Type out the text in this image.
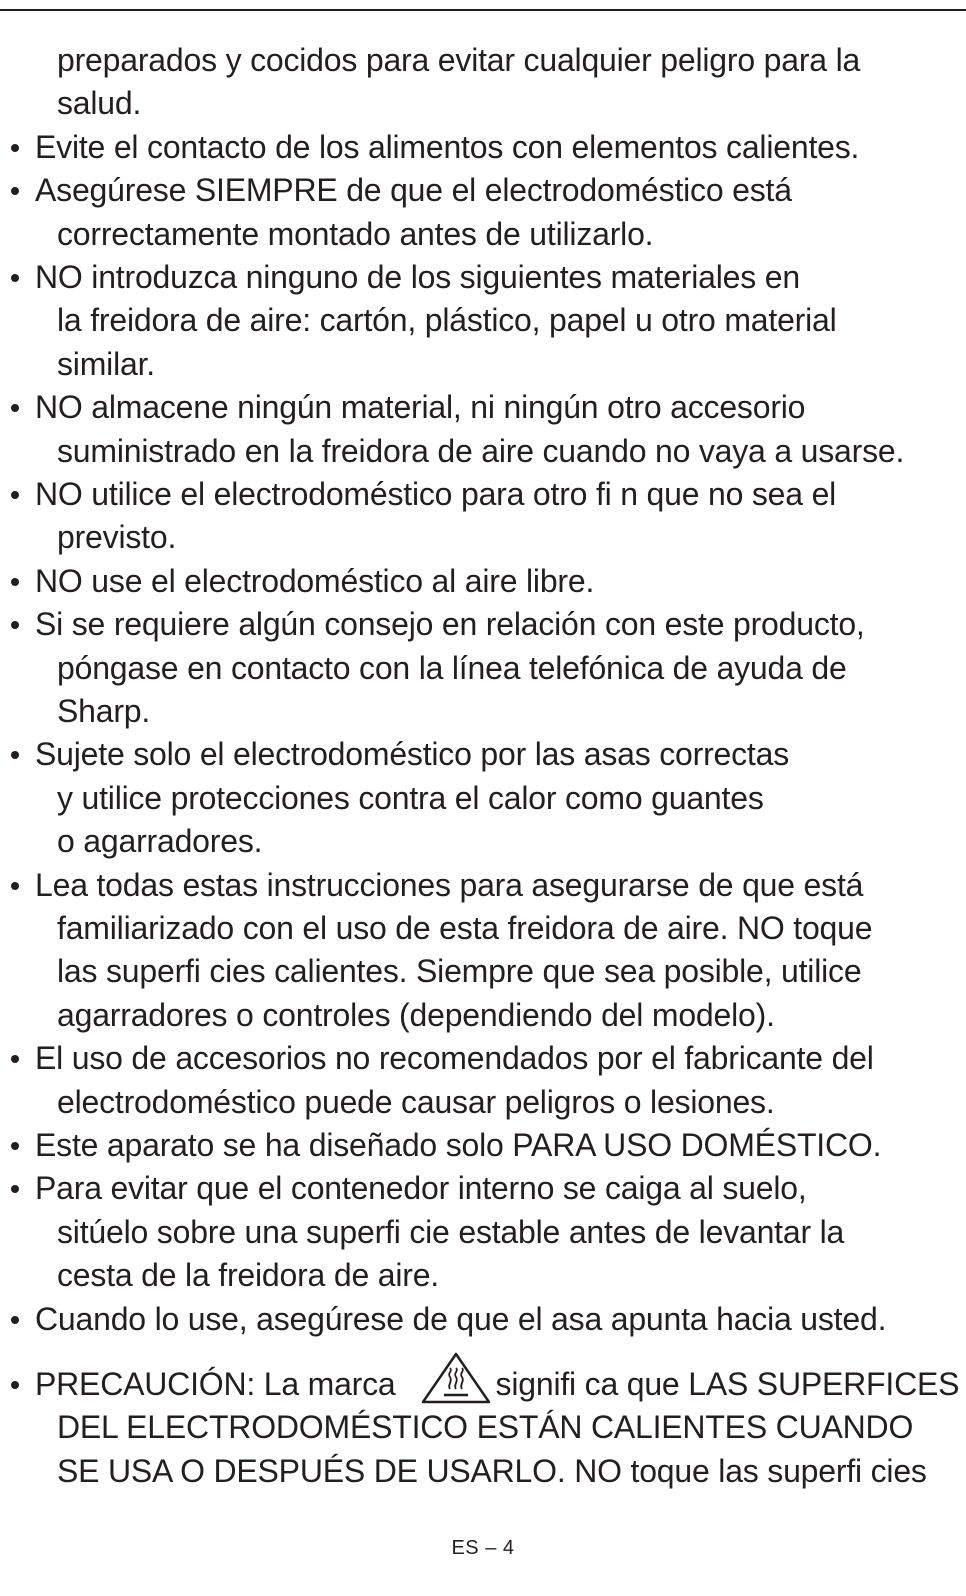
preparados y cocidos para evitar cualquier peligro para la
salud.
Evite el contacto de los alimentos con elementos calientes.
Asegúrese SIEMPRE de que el electrodoméstico está
correctamente montado antes de utilizarlo.
NO introduzca ninguno de los siguientes materiales en
la freidora de aire: cartón, plástico, papel u otro material
similar.
NO almacene ningún material, ni ningún otro accesorio
suministrado en la freidora de aire cuando no vaya a usarse.
NO utilice el electrodoméstico para otro fi n que no sea el
previsto.
NO use el electrodoméstico al aire libre.
Si se requiere algún consejo en relación con este producto,
póngase en contacto con la línea telefónica de ayuda de
Sharp.
Sujete solo el electrodoméstico por las asas correctas
y utilice protecciones contra el calor como guantes
o agarradores.
Lea todas estas instrucciones para asegurarse de que está
familiarizado con el uso de esta freidora de aire. NO toque
las superfi cies calientes. Siempre que sea posible, utilice
agarradores o controles (dependiendo del modelo).
El uso de accesorios no recomendados por el fabricante del
electrodoméstico puede causar peligros o lesiones.
Este aparato se ha diseñado solo PARA USO DOMÉSTICO.
Para evitar que el contenedor interno se caiga al suelo,
sitúelo sobre una superfi cie estable antes de levantar la
cesta de la freidora de aire.
Cuando lo use, asegúrese de que el asa apunta hacia usted.
PRECAUCIÓN: La marca	signifi ca que LAS SUPERFICES
DEL ELECTRODOMÉSTICO ESTÁN CALIENTES CUANDO
SE USA O DESPUÉS DE USARLO. NO toque las superfi cies
ES – 4
